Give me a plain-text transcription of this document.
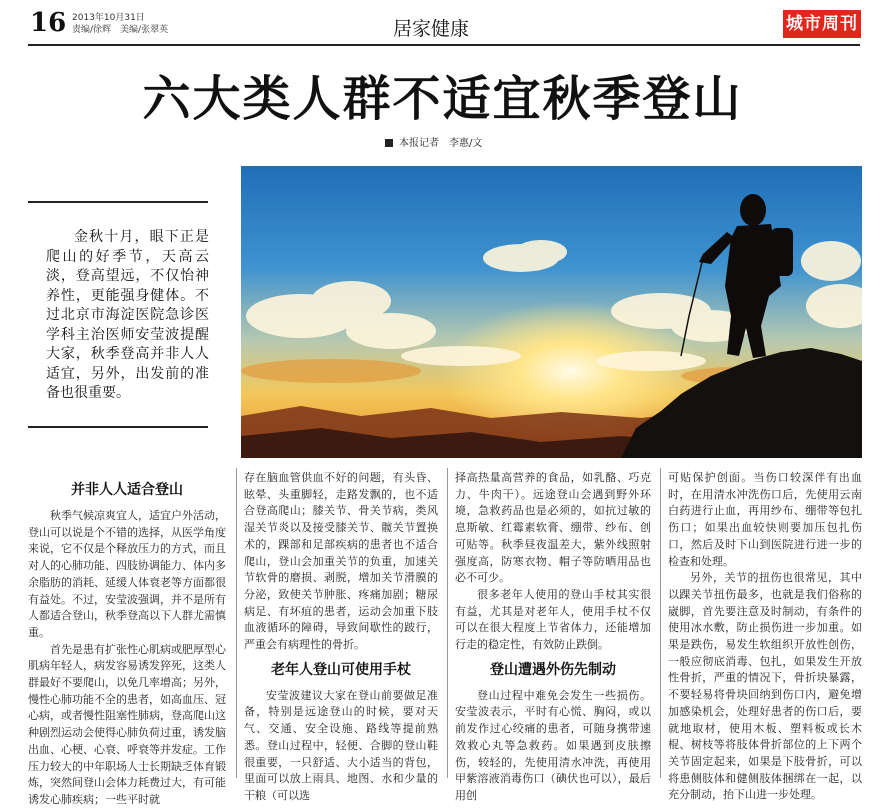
16 2013年10月31日
责编/徐辉　美编/张翠英	居家健康	城市周刊
六大类人群不适宜秋季登山
本报记者　李惠/文
金秋十月，眼下正是爬山的好季节，天高云淡，登高望远，不仅怡神养性，更能强身健体。不过北京市海淀医院急诊医学科主治医师安莹波提醒大家，秋季登高并非人人适宜，另外，出发前的准备也很重要。
并非人人适合登山

秋季气候凉爽宜人，适宜户外活动，登山可以说是个不错的选择，从医学角度来说，它不仅是个释放压力的方式，而且对人的心肺功能、四肢协调能力、体内多余脂肪的消耗、延缓人体衰老等方面都很有益处。不过，安莹波强调，并不是所有人都适合登山，秋季登高以下人群尤需慎重。

首先是患有扩张性心肌病或肥厚型心肌病年轻人，病发容易诱发猝死，这类人群最好不要爬山，以免几率增高；另外，慢性心肺功能不全的患者，如高血压、冠心病，或者慢性阻塞性肺病，登高爬山这种剧烈运动会使得心肺负荷过重，诱发脑出血、心梗、心衰、呼衰等并发症。工作压力较大的中年职场人士长期缺乏体育锻炼，突然间登山会体力耗费过大，有可能诱发心肺疾病；一些平时就

存在脑血管供血不好的问题，有头昏、眩晕、头重脚轻，走路发飘的，也不适合登高爬山；膝关节、骨关节病，类风湿关节炎以及接受膝关节、髋关节置换术的，踝部和足部疾病的患者也不适合爬山，登山会加重关节的负重，加速关节软骨的磨损、剥脱，增加关节滑膜的分泌，致使关节肿胀、疼痛加剧；糖尿病足、有坏疽的患者，运动会加重下肢血液循环的障碍，导致间歇性的跛行，严重会有病理性的骨折。

老年人登山可使用手杖

安莹波建议大家在登山前要做足准备，特别是远途登山的时候，要对天气、交通、安全设施、路线等提前熟悉。登山过程中，轻便、合脚的登山鞋很重要，一只舒适、大小适当的背包，里面可以放上雨具、地图、水和少量的干粮（可以选

择高热量高营养的食品，如乳酪、巧克力、牛肉干）。远途登山会遇到野外环境，急救药品也是必须的，如抗过敏的息斯敏、红霉素软膏、绷带、纱布、创可贴等。秋季昼夜温差大，紫外线照射强度高，防寒衣物、帽子等防晒用品也必不可少。

很多老年人使用的登山手杖其实很有益，尤其是对老年人，使用手杖不仅可以在很大程度上节省体力，还能增加行走的稳定性，有效防止跌倒。

登山遭遇外伤先制动

登山过程中难免会发生一些损伤。安莹波表示，平时有心慌、胸闷，或以前发作过心绞痛的患者，可随身携带速效救心丸等急救药。如果遇到皮肤擦伤，较轻的，先使用清水冲洗，再使用甲紫溶液消毒伤口（碘伏也可以），最后用创

可贴保护创面。当伤口较深伴有出血时，在用清水冲洗伤口后，先使用云南白药进行止血，再用纱布、绷带等包扎伤口；如果出血较快则要加压包扎伤口，然后及时下山到医院进行进一步的检查和处理。

另外，关节的扭伤也很常见，其中以踝关节扭伤最多，也就是我们俗称的崴脚，首先要注意及时制动，有条件的使用冰水敷，防止损伤进一步加重。如果是跌伤，易发生软组织开放性创伤，一般应彻底消毒、包扎，如果发生开放性骨折，严重的情况下，骨折块暴露，不要轻易将骨块回纳到伤口内，避免增加感染机会，处理好患者的伤口后，要就地取材，使用木板、塑料板或长木棍、树枝等将肢体骨折部位的上下两个关节固定起来，如果是下肢骨折，可以将患侧肢体和健侧肢体捆绑在一起，以充分制动，抬下山进一步处理。
